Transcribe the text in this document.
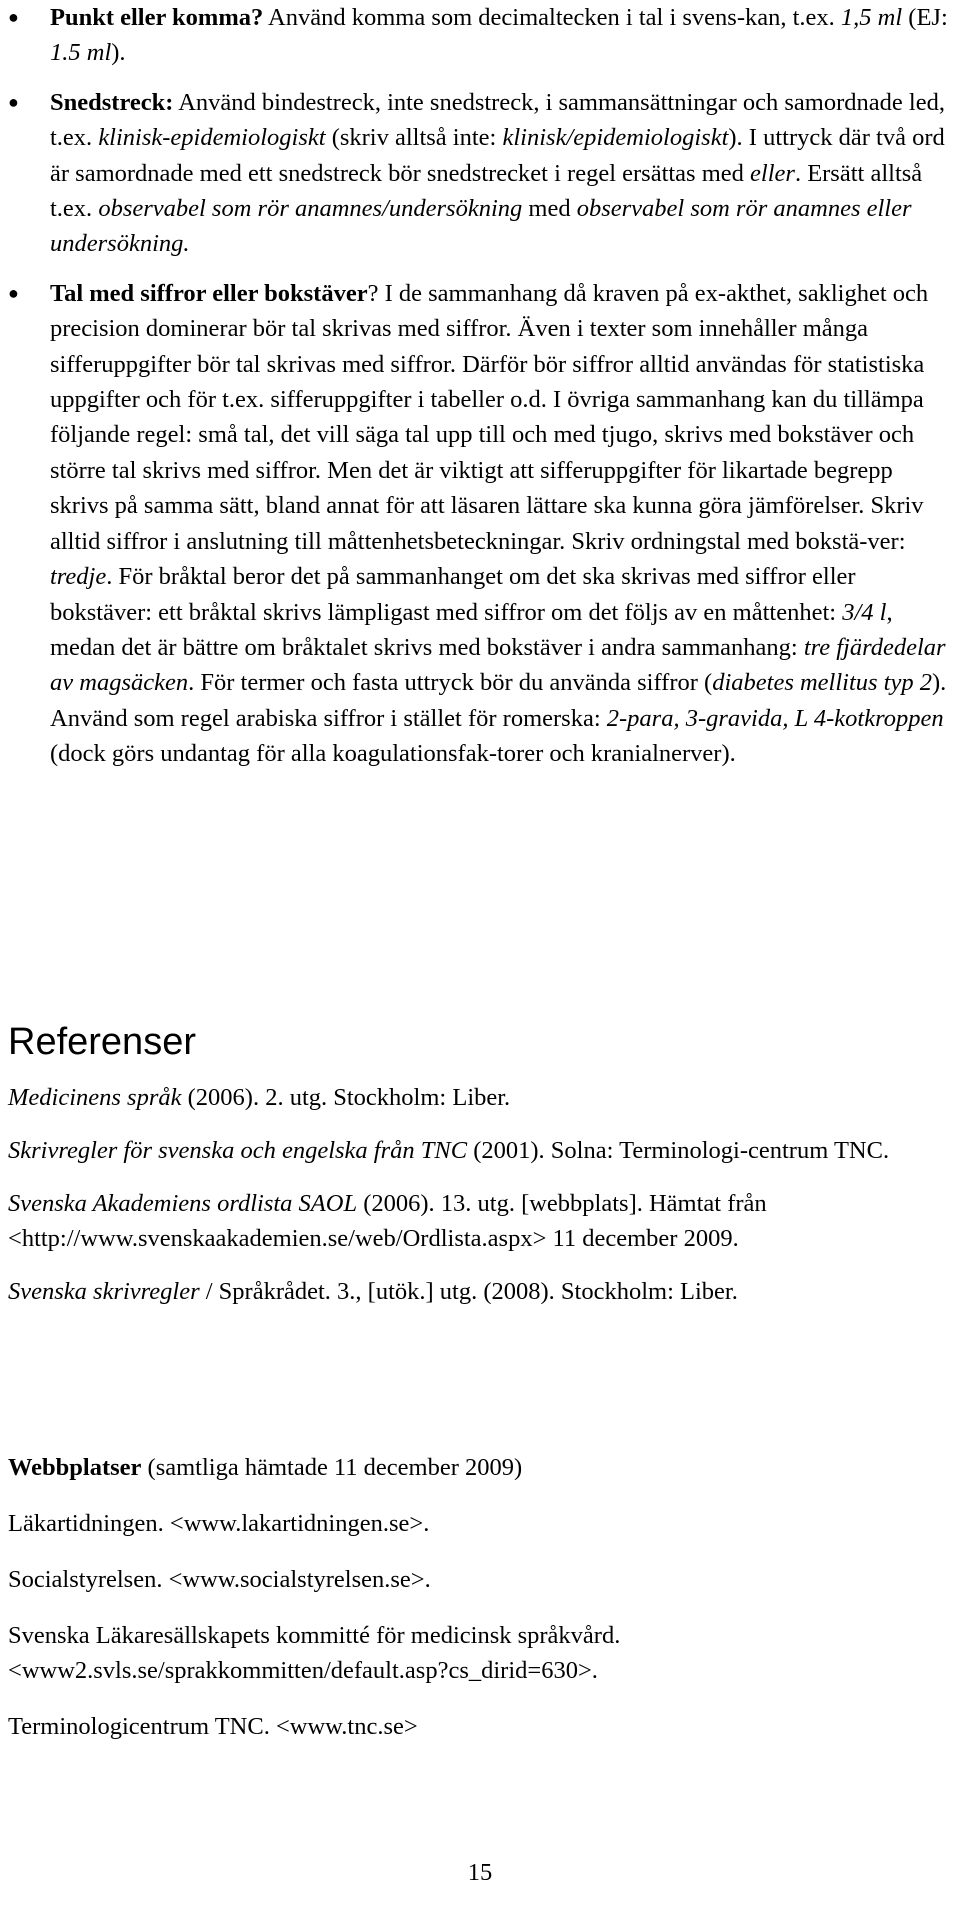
● Punkt eller komma? Använd komma som decimaltecken i tal i svens-kan, t.ex. 1,5 ml (EJ: 1.5 ml).

● Snedstreck: Använd bindestreck, inte snedstreck, i sammansättningar och samordnade led, t.ex. klinisk-epidemiologiskt (skriv alltså inte: klinisk/epidemiologiskt). I uttryck där två ord är samordnade med ett snedstreck bör snedstrecket i regel ersättas med eller. Ersätt alltså t.ex. observabel som rör anamnes/undersökning med observabel som rör anamnes eller undersökning.

● Tal med siffror eller bokstäver? I de sammanhang då kraven på ex-akthet, saklighet och precision dominerar bör tal skrivas med siffror. Även i texter som innehåller många sifferuppgifter bör tal skrivas med siffror. Därför bör siffror alltid användas för statistiska uppgifter och för t.ex. sifferuppgifter i tabeller o.d. I övriga sammanhang kan du tillämpa följande regel: små tal, det vill säga tal upp till och med tjugo, skrivs med bokstäver och större tal skrivs med siffror. Men det är viktigt att sifferuppgifter för likartade begrepp skrivs på samma sätt, bland annat för att läsaren lättare ska kunna göra jämförelser. Skriv alltid siffror i anslutning till måttenhetsbeteckningar. Skriv ordningstal med bokstä-ver: tredje. För bråktal beror det på sammanhanget om det ska skrivas med siffror eller bokstäver: ett bråktal skrivs lämpligast med siffror om det följs av en måttenhet: 3/4 l, medan det är bättre om bråktalet skrivs med bokstäver i andra sammanhang: tre fjärdedelar av magsäcken. För termer och fasta uttryck bör du använda siffror (diabetes mellitus typ 2). Använd som regel arabiska siffror i stället för romerska: 2-para, 3-gravida, L 4-kotkroppen (dock görs undantag för alla koagulationsfak-torer och kranialnerver).

Referenser

Medicinens språk (2006). 2. utg. Stockholm: Liber.

Skrivregler för svenska och engelska från TNC (2001). Solna: Terminologi-centrum TNC.

Svenska Akademiens ordlista SAOL (2006). 13. utg. [webbplats]. Hämtat från <http://www.svenskaakademien.se/web/Ordlista.aspx> 11 december 2009.

Svenska skrivregler / Språkrådet. 3., [utök.] utg. (2008). Stockholm: Liber.

Webbplatser (samtliga hämtade 11 december 2009)

Läkartidningen. <www.lakartidningen.se>.

Socialstyrelsen. <www.socialstyrelsen.se>.

Svenska Läkaresällskapets kommitté för medicinsk språkvård. <www2.svls.se/sprakkommitten/default.asp?cs_dirid=630>.

Terminologicentrum TNC. <www.tnc.se>

15
